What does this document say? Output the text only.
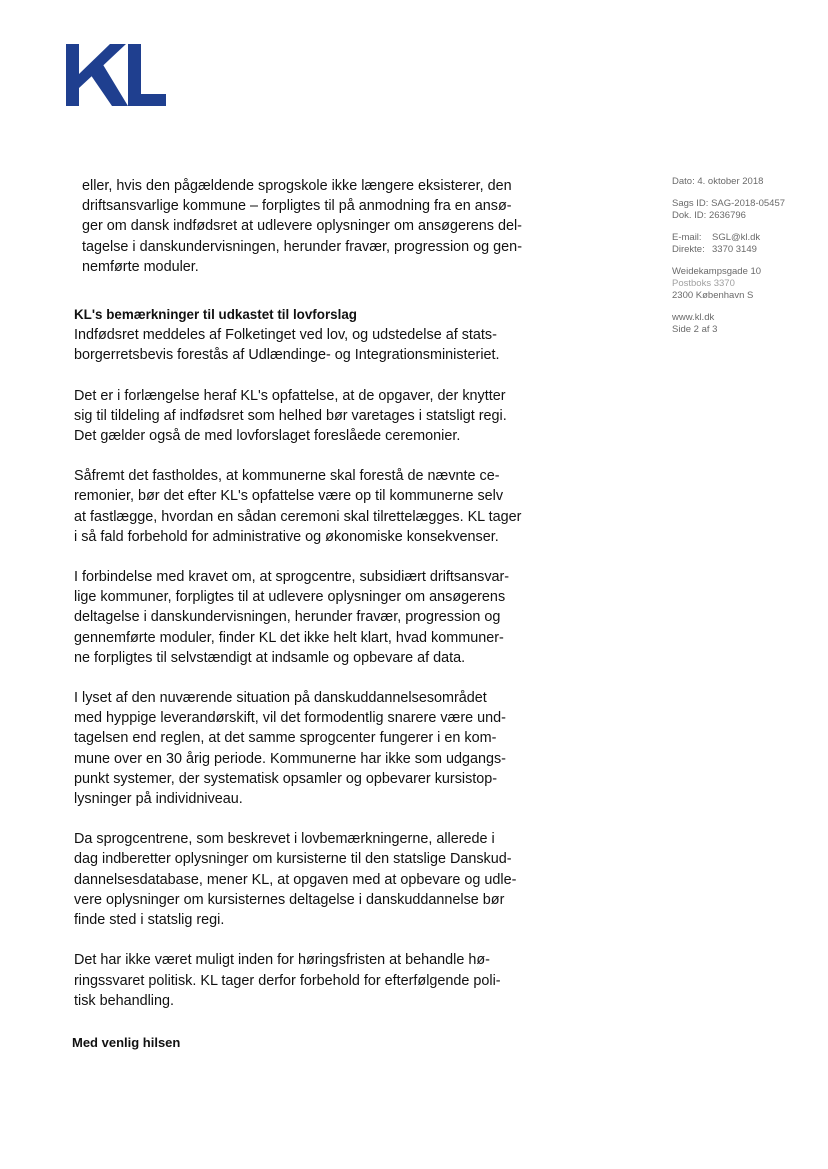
Dato: 4. oktober 2018
Sags ID: SAG-2018-05457
Dok. ID: 2636796
E-mail: SGL@kl.dk
Direkte: 3370 3149
Weidekampsgade 10
Postboks 3370
2300 København S
www.kl.dk
Side 2 af 3
eller, hvis den pågældende sprogskole ikke længere eksisterer, den
driftsansvarlige kommune – forpligtes til på anmodning fra en ansø-
ger om dansk indfødsret at udlevere oplysninger om ansøgerens del-
tagelse i danskundervisningen, herunder fravær, progression og gen-
nemførte moduler.
KL's bemærkninger til udkastet til lovforslag
Indfødsret meddeles af Folketinget ved lov, og udstedelse af stats-
borgerretsbevis forestås af Udlændinge- og Integrationsministeriet.
Det er i forlængelse heraf KL's opfattelse, at de opgaver, der knytter
sig til tildeling af indfødsret som helhed bør varetages i statsligt regi.
Det gælder også de med lovforslaget foreslåede ceremonier.
Såfremt det fastholdes, at kommunerne skal forestå de nævnte ce-
remonier, bør det efter KL's opfattelse være op til kommunerne selv
at fastlægge, hvordan en sådan ceremoni skal tilrettelægges. KL tager
i så fald forbehold for administrative og økonomiske konsekvenser.
I forbindelse med kravet om, at sprogcentre, subsidiært driftsansvar-
lige kommuner, forpligtes til at udlevere oplysninger om ansøgerens
deltagelse i danskundervisningen, herunder fravær, progression og
gennemførte moduler, finder KL det ikke helt klart, hvad kommuner-
ne forpligtes til selvstændigt at indsamle og opbevare af data.
I lyset af den nuværende situation på danskuddannelsesområdet
med hyppige leverandørskift, vil det formodentlig snarere være und-
tagelsen end reglen, at det samme sprogcenter fungerer i en kom-
mune over en 30 årig periode. Kommunerne har ikke som udgangs-
punkt systemer, der systematisk opsamler og opbevarer kursistop-
lysninger på individniveau.
Da sprogcentrene, som beskrevet i lovbemærkningerne, allerede i
dag indberetter oplysninger om kursisterne til den statslige Danskud-
dannelsesdatabase, mener KL, at opgaven med at opbevare og udle-
vere oplysninger om kursisternes deltagelse i danskuddannelse bør
finde sted i statslig regi.
Det har ikke været muligt inden for høringsfristen at behandle hø-
ringssvaret politisk. KL tager derfor forbehold for efterfølgende poli-
tisk behandling.
Med venlig hilsen
